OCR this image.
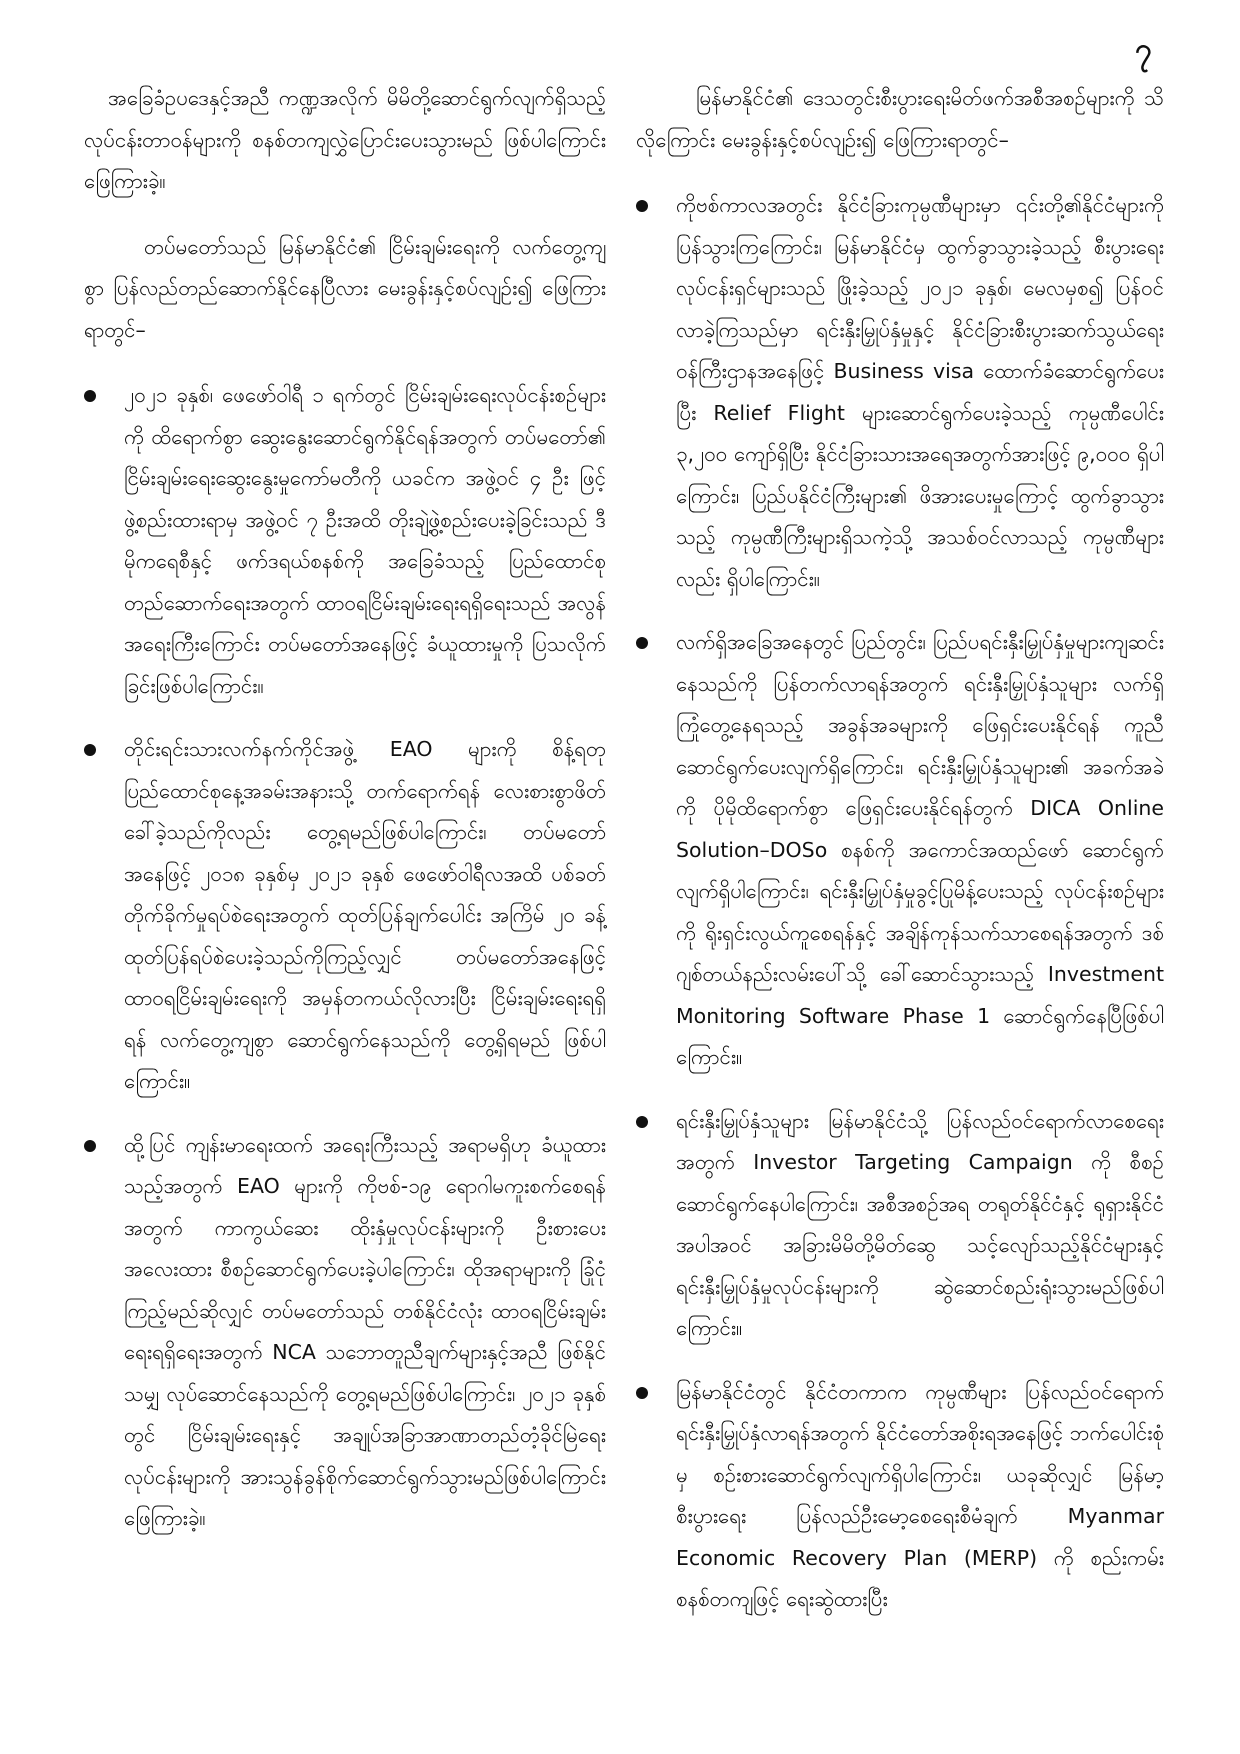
၇

အခြေခံဥပဒေနှင့်အညီ ကဏ္ဍအလိုက် မိမိတို့ဆောင်ရွက်လျက်ရှိသည့် လုပ်ငန်းတာဝန်များကို စနစ်တကျလွှဲပြောင်းပေးသွားမည် ဖြစ်ပါကြောင်းဖြေကြားခဲ့။

တပ်မတော်သည် မြန်မာနိုင်ငံ၏ ငြိမ်းချမ်းရေးကို လက်တွေ့ကျစွာ ပြန်လည်တည်ဆောက်နိုင်နေပြီလား မေးခွန်းနှင့်စပ်လျဉ်း၍ ဖြေကြားရာတွင်–

၂၀၂၁ ခုနှစ်၊ ဖေဖော်ဝါရီ ၁ ရက်တွင် ငြိမ်းချမ်းရေးလုပ်ငန်းစဉ်များကို ထိရောက်စွာ ဆွေးနွေးဆောင်ရွက်နိုင်ရန်အတွက် တပ်မတော်၏ ငြိမ်းချမ်းရေးဆွေးနွေးမှုကော်မတီကို ယခင်က အဖွဲ့ဝင် ၄ ဦး ဖြင့် ဖွဲ့စည်းထားရာမှ အဖွဲ့ဝင် ၇ ဦးအထိ တိုးချဲ့ဖွဲ့စည်းပေးခဲ့ခြင်းသည် ဒီမိုကရေစီနှင့် ဖက်ဒရယ်စနစ်ကို အခြေခံသည့် ပြည်ထောင်စုတည်ဆောက်ရေးအတွက် ထာဝရငြိမ်းချမ်းရေးရရှိရေးသည် အလွန်အရေးကြီးကြောင်း တပ်မတော်အနေဖြင့် ခံယူထားမှုကို ပြသလိုက်ခြင်းဖြစ်ပါကြောင်း။
တိုင်းရင်းသားလက်နက်ကိုင်အဖွဲ့ EAO များကို စိန့်ရတုပြည်ထောင်စုနေ့အခမ်းအနားသို့ တက်ရောက်ရန် လေးစားစွာဖိတ်ခေါ်ခဲ့သည်ကိုလည်း တွေ့ရမည်ဖြစ်ပါကြောင်း၊ တပ်မတော်အနေဖြင့် ၂၀၁၈ ခုနှစ်မှ ၂၀၂၁ ခုနှစ် ဖေဖော်ဝါရီလအထိ ပစ်ခတ်တိုက်ခိုက်မှုရပ်စဲရေးအတွက် ထုတ်ပြန်ချက်ပေါင်း အကြိမ် ၂၀ ခန့် ထုတ်ပြန်ရပ်စဲပေးခဲ့သည်ကိုကြည့်လျှင် တပ်မတော်အနေဖြင့် ထာဝရငြိမ်းချမ်းရေးကို အမှန်တကယ်လိုလားပြီး ငြိမ်းချမ်းရေးရရှိရန် လက်တွေ့ကျစွာ ဆောင်ရွက်နေသည်ကို တွေ့ရှိရမည် ဖြစ်ပါကြောင်း။
ထို့ပြင် ကျန်းမာရေးထက် အရေးကြီးသည့် အရာမရှိဟု ခံယူထားသည့်အတွက် EAO များကို ကိုဗစ်-၁၉ ရောဂါမကူးစက်စေရန်အတွက် ကာကွယ်ဆေး ထိုးနှံမှုလုပ်ငန်းများကို ဦးစားပေးအလေးထား စီစဉ်ဆောင်ရွက်ပေးခဲ့ပါကြောင်း၊ ထိုအရာများကို ခြုံငုံကြည့်မည်ဆိုလျှင် တပ်မတော်သည် တစ်နိုင်ငံလုံး ထာဝရငြိမ်းချမ်းရေးရရှိရေးအတွက် NCA သဘောတူညီချက်များနှင့်အညီ ဖြစ်နိုင်သမျှ လုပ်ဆောင်နေသည်ကို တွေ့ရမည်ဖြစ်ပါကြောင်း၊ ၂၀၂၁ ခုနှစ်တွင် ငြိမ်းချမ်းရေးနှင့် အချုပ်အခြာအာဏာတည်တံ့ခိုင်မြဲရေးလုပ်ငန်းများကို အားသွန်ခွန်စိုက်ဆောင်ရွက်သွားမည်ဖြစ်ပါကြောင်း ဖြေကြားခဲ့။

မြန်မာနိုင်ငံ၏ ဒေသတွင်းစီးပွားရေးမိတ်ဖက်အစီအစဉ်များကို သိလိုကြောင်း မေးခွန်းနှင့်စပ်လျဉ်း၍ ဖြေကြားရာတွင်–

ကိုဗစ်ကာလအတွင်း နိုင်ငံခြားကုမ္ပဏီများမှာ ၎င်းတို့၏နိုင်ငံများကို ပြန်သွားကြကြောင်း၊ မြန်မာနိုင်ငံမှ ထွက်ခွာသွားခဲ့သည့် စီးပွားရေးလုပ်ငန်းရှင်များသည် ဖြိုးခဲ့သည့် ၂၀၂၁ ခုနှစ်၊ မေလမှစ၍ ပြန်ဝင်လာခဲ့ကြသည်မှာ ရင်းနှီးမြှုပ်နှံမှုနှင့် နိုင်ငံခြားစီးပွားဆက်သွယ်ရေးဝန်ကြီးဌာနအနေဖြင့် Business visa ထောက်ခံဆောင်ရွက်ပေးပြီး Relief Flight များဆောင်ရွက်ပေးခဲ့သည့် ကုမ္ပဏီပေါင်း ၃,၂၀၀ ကျော်ရှိပြီး နိုင်ငံခြားသားအရေအတွက်အားဖြင့် ၉,၀၀၀ ရှိပါကြောင်း၊ ပြည်ပနိုင်ငံကြီးများ၏ ဖိအားပေးမှုကြောင့် ထွက်ခွာသွားသည့် ကုမ္ပဏီကြီးများရှိသကဲ့သို့ အသစ်ဝင်လာသည့် ကုမ္ပဏီများလည်း ရှိပါကြောင်း။
လက်ရှိအခြေအနေတွင် ပြည်တွင်း၊ ပြည်ပရင်းနှီးမြှုပ်နှံမှုများကျဆင်းနေသည်ကို ပြန်တက်လာရန်အတွက် ရင်းနှီးမြှုပ်နှံသူများ လက်ရှိကြုံတွေ့နေရသည့် အခွန်အခများကို ဖြေရှင်းပေးနိုင်ရန် ကူညီဆောင်ရွက်ပေးလျက်ရှိကြောင်း၊ ရင်းနှီးမြှုပ်နှံသူများ၏ အခက်အခဲကို ပိုမိုထိရောက်စွာ ဖြေရှင်းပေးနိုင်ရန်တွက် DICA Online Solution–DOSo စနစ်ကို အကောင်အထည်ဖော် ဆောင်ရွက်လျက်ရှိပါကြောင်း၊ ရင်းနှီးမြှုပ်နှံမှုခွင့်ပြုမိန့်ပေးသည့် လုပ်ငန်းစဉ်များကို ရိုးရှင်းလွယ်ကူစေရန်နှင့် အချိန်ကုန်သက်သာစေရန်အတွက် ဒစ်ဂျစ်တယ်နည်းလမ်းပေါ်သို့ ခေါ်ဆောင်သွားသည့် Investment Monitoring Software Phase 1 ဆောင်ရွက်နေပြီဖြစ်ပါကြောင်း။
ရင်းနှီးမြှုပ်နှံသူများ မြန်မာနိုင်ငံသို့ ပြန်လည်ဝင်ရောက်လာစေရေးအတွက် Investor Targeting Campaign ကို စီစဉ်ဆောင်ရွက်နေပါကြောင်း၊ အစီအစဉ်အရ တရုတ်နိုင်ငံနှင့် ရုရှားနိုင်ငံအပါအဝင် အခြားမိမိတို့မိတ်ဆွေ သင့်လျော်သည့်နိုင်ငံများနှင့် ရင်းနှီးမြှုပ်နှံမှုလုပ်ငန်းများကို ဆွဲဆောင်စည်းရုံးသွားမည်ဖြစ်ပါကြောင်း။
မြန်မာနိုင်ငံတွင် နိုင်ငံတကာက ကုမ္ပဏီများ ပြန်လည်ဝင်ရောက် ရင်းနှီးမြှုပ်နှံလာရန်အတွက် နိုင်ငံတော်အစိုးရအနေဖြင့် ဘက်ပေါင်းစုံမှ စဉ်းစားဆောင်ရွက်လျက်ရှိပါကြောင်း၊ ယခုဆိုလျှင် မြန်မာ့စီးပွားရေး ပြန်လည်ဦးမော့စေရေးစီမံချက် Myanmar Economic Recovery Plan (MERP) ကို စည်းကမ်းစနစ်တကျဖြင့် ရေးဆွဲထားပြီး
